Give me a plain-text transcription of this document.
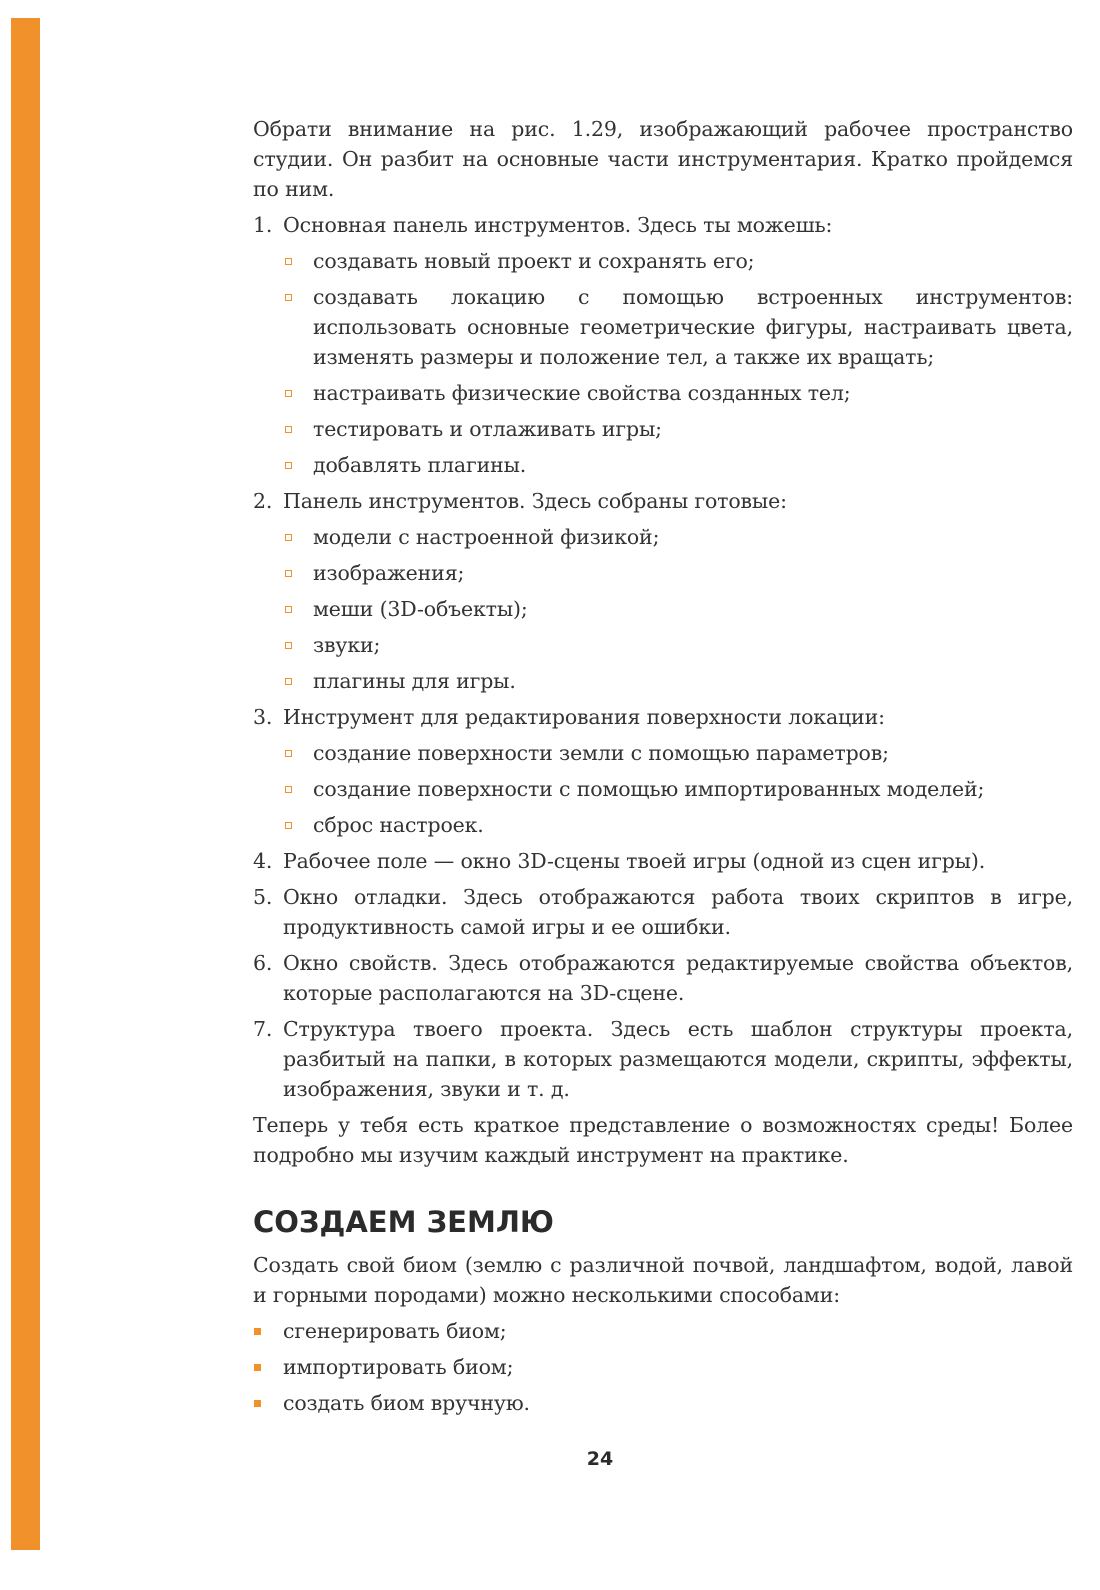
Обрати внимание на рис. 1.29, изображающий рабочее пространство студии. Он разбит на основные части инструментария. Кратко пройдемся по ним.

1. Основная панель инструментов. Здесь ты можешь:
создавать новый проект и сохранять его;
создавать локацию с помощью встроенных инструментов: использовать основные геометрические фигуры, настраивать цвета, изменять размеры и положение тел, а также их вращать;
настраивать физические свойства созданных тел;
тестировать и отлаживать игры;
добавлять плагины.
2. Панель инструментов. Здесь собраны готовые:
модели с настроенной физикой;
изображения;
меши (3D-объекты);
звуки;
плагины для игры.
3. Инструмент для редактирования поверхности локации:
создание поверхности земли с помощью параметров;
создание поверхности с помощью импортированных моделей;
сброс настроек.
4. Рабочее поле — окно 3D-сцены твоей игры (одной из сцен игры).
5. Окно отладки. Здесь отображаются работа твоих скриптов в игре, продуктивность самой игры и ее ошибки.
6. Окно свойств. Здесь отображаются редактируемые свойства объектов, которые располагаются на 3D-сцене.
7. Структура твоего проекта. Здесь есть шаблон структуры проекта, разбитый на папки, в которых размещаются модели, скрипты, эффекты, изображения, звуки и т. д.

Теперь у тебя есть краткое представление о возможностях среды! Более подробно мы изучим каждый инструмент на практике.

СОЗДАЕМ ЗЕМЛЮ

Создать свой биом (землю с различной почвой, ландшафтом, водой, лавой и горными породами) можно несколькими способами:

сгенерировать биом;
импортировать биом;
создать биом вручную.
24
